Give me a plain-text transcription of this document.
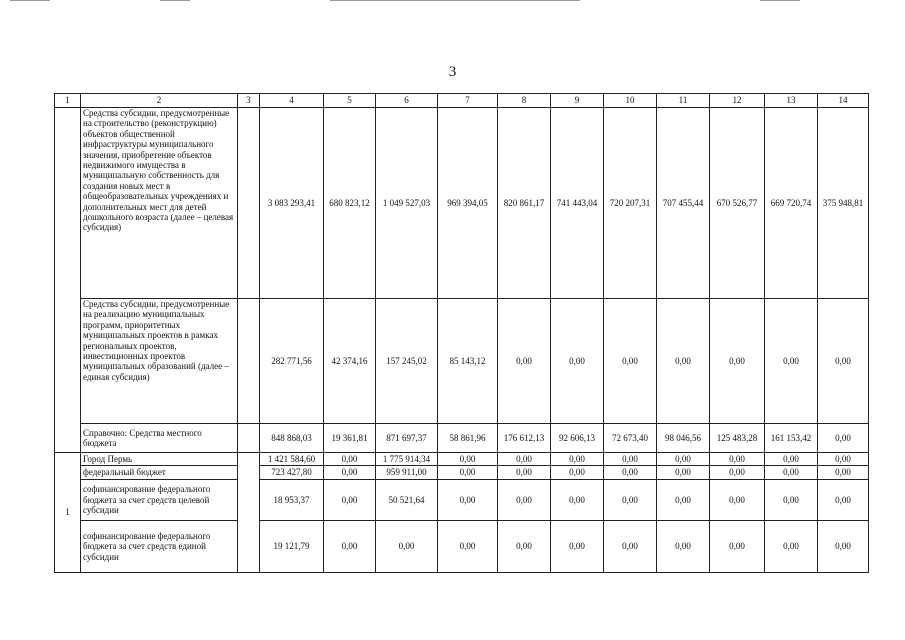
3
1	2	3	4	5	6	7	8	9	10	11	12	13	14
	Средства субсидии, предусмотренные на строительство (реконструкцию) объектов общественной инфраструктуры муниципального значения, приобретение объектов недвижимого имущества в муниципальную собственность для создания новых мест в общеобразовательных учреждениях и дополнительных мест для детей дошкольного возраста (далее – целевая субсидия)		3 083 293,41	680 823,12	1 049 527,03	969 394,05	820 861,17	741 443,04	720 207,31	707 455,44	670 526,77	669 720,74	375 948,81
	Средства субсидии, предусмотренные на реализацию муниципальных программ, приоритетных муниципальных проектов в рамках региональных проектов, инвестиционных проектов муниципальных образований (далее – единая субсидия)		282 771,56	42 374,16	157 245,02	85 143,12	0,00	0,00	0,00	0,00	0,00	0,00	0,00
	Справочно: Средства местного бюджета		848 868,03	19 361,81	871 697,37	58 861,96	176 612,13	92 606,13	72 673,40	98 046,56	125 483,28	161 153,42	0,00
1	Город Пермь		1 421 584,60	0,00	1 775 914,34	0,00	0,00	0,00	0,00	0,00	0,00	0,00	0,00
	федеральный бюджет		723 427,80	0,00	959 911,00	0,00	0,00	0,00	0,00	0,00	0,00	0,00	0,00
	софинансирование федерального бюджета за счет средств целевой субсидии		18 953,37	0,00	50 521,64	0,00	0,00	0,00	0,00	0,00	0,00	0,00	0,00
	софинансирование федерального бюджета за счет средств единой субсидии		19 121,79	0,00	0,00	0,00	0,00	0,00	0,00	0,00	0,00	0,00	0,00
